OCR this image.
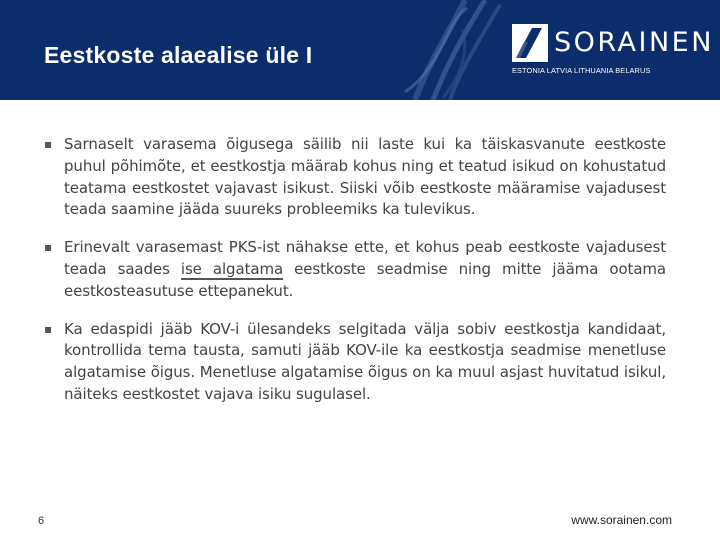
Eestkoste alaealise üle I	SORAINEN
ESTONIA LATVIA LITHUANIA BELARUS

▪ Sarnaselt varasema õigusega säilib nii laste kui ka täiskasvanute eestkoste puhul põhimõte, et eestkostja määrab kohus ning et teatud isikud on kohustatud teatama eestkostet vajavast isikust. Siiski võib eestkoste määramise vajadusest teada saamine jääda suureks probleemiks ka tulevikus.

▪ Erinevalt varasemast PKS-ist nähakse ette, et kohus peab eestkoste vajadusest teada saades ise algatama eestkoste seadmise ning mitte jääma ootama eestkosteasutuse ettepanekut.

▪ Ka edaspidi jääb KOV-i ülesandeks selgitada välja sobiv eestkostja kandidaat, kontrollida tema tausta, samuti jääb KOV-ile ka eestkostja seadmise menetluse algatamise õigus. Menetluse algatamise õigus on ka muul asjast huvitatud isikul, näiteks eestkostet vajava isiku sugulasel.

6	www.sorainen.com
